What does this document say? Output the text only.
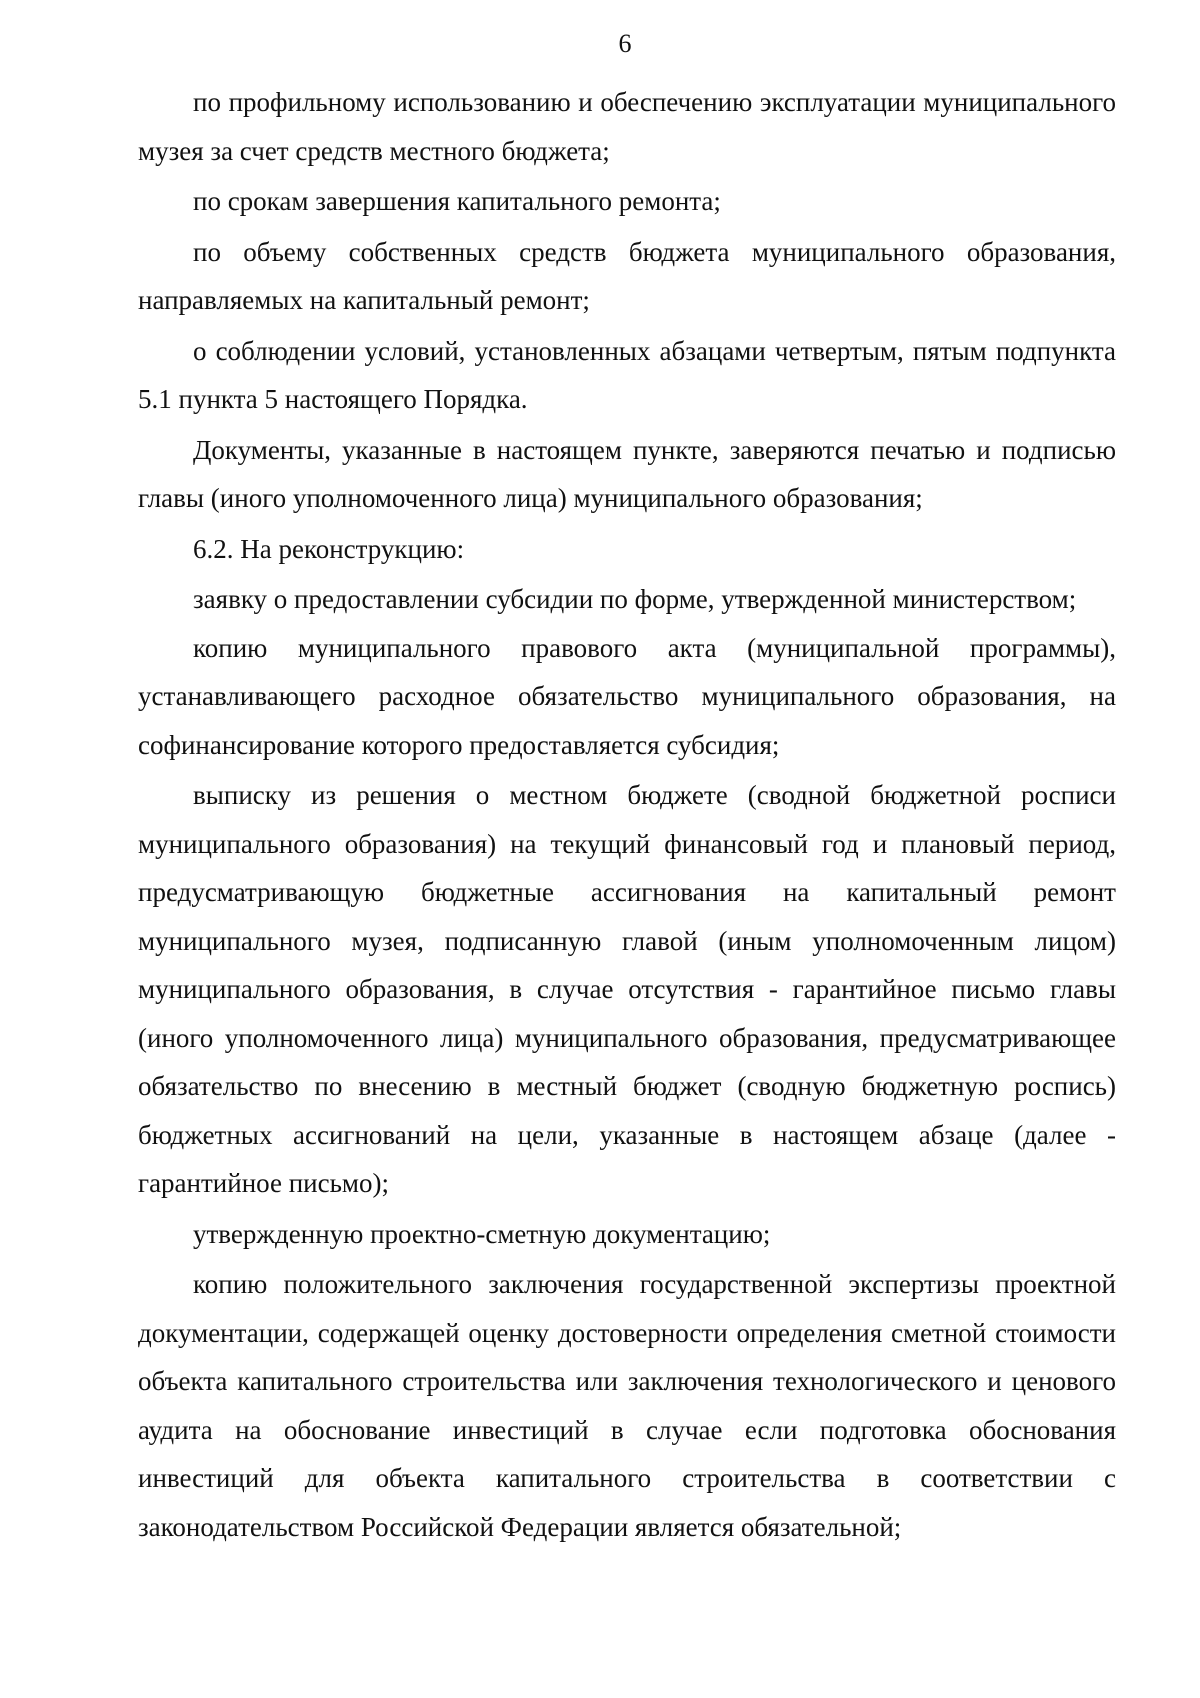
6

по профильному использованию и обеспечению эксплуатации муниципального музея за счет средств местного бюджета;

по срокам завершения капитального ремонта;

по объему собственных средств бюджета муниципального образования, направляемых на капитальный ремонт;

о соблюдении условий, установленных абзацами четвертым, пятым подпункта 5.1 пункта 5 настоящего Порядка.

Документы, указанные в настоящем пункте, заверяются печатью и подписью главы (иного уполномоченного лица) муниципального образования;

6.2. На реконструкцию:

заявку о предоставлении субсидии по форме, утвержденной министерством;

копию муниципального правового акта (муниципальной программы), устанавливающего расходное обязательство муниципального образования, на софинансирование которого предоставляется субсидия;

выписку из решения о местном бюджете (сводной бюджетной росписи муниципального образования) на текущий финансовый год и плановый период, предусматривающую бюджетные ассигнования на капитальный ремонт муниципального музея, подписанную главой (иным уполномоченным лицом) муниципального образования, в случае отсутствия - гарантийное письмо главы (иного уполномоченного лица) муниципального образования, предусматривающее обязательство по внесению в местный бюджет (сводную бюджетную роспись) бюджетных ассигнований на цели, указанные в настоящем абзаце (далее - гарантийное письмо);

утвержденную проектно-сметную документацию;

копию положительного заключения государственной экспертизы проектной документации, содержащей оценку достоверности определения сметной стоимости объекта капитального строительства или заключения технологического и ценового аудита на обоснование инвестиций в случае если подготовка обоснования инвестиций для объекта капитального строительства в соответствии с законодательством Российской Федерации является обязательной;
